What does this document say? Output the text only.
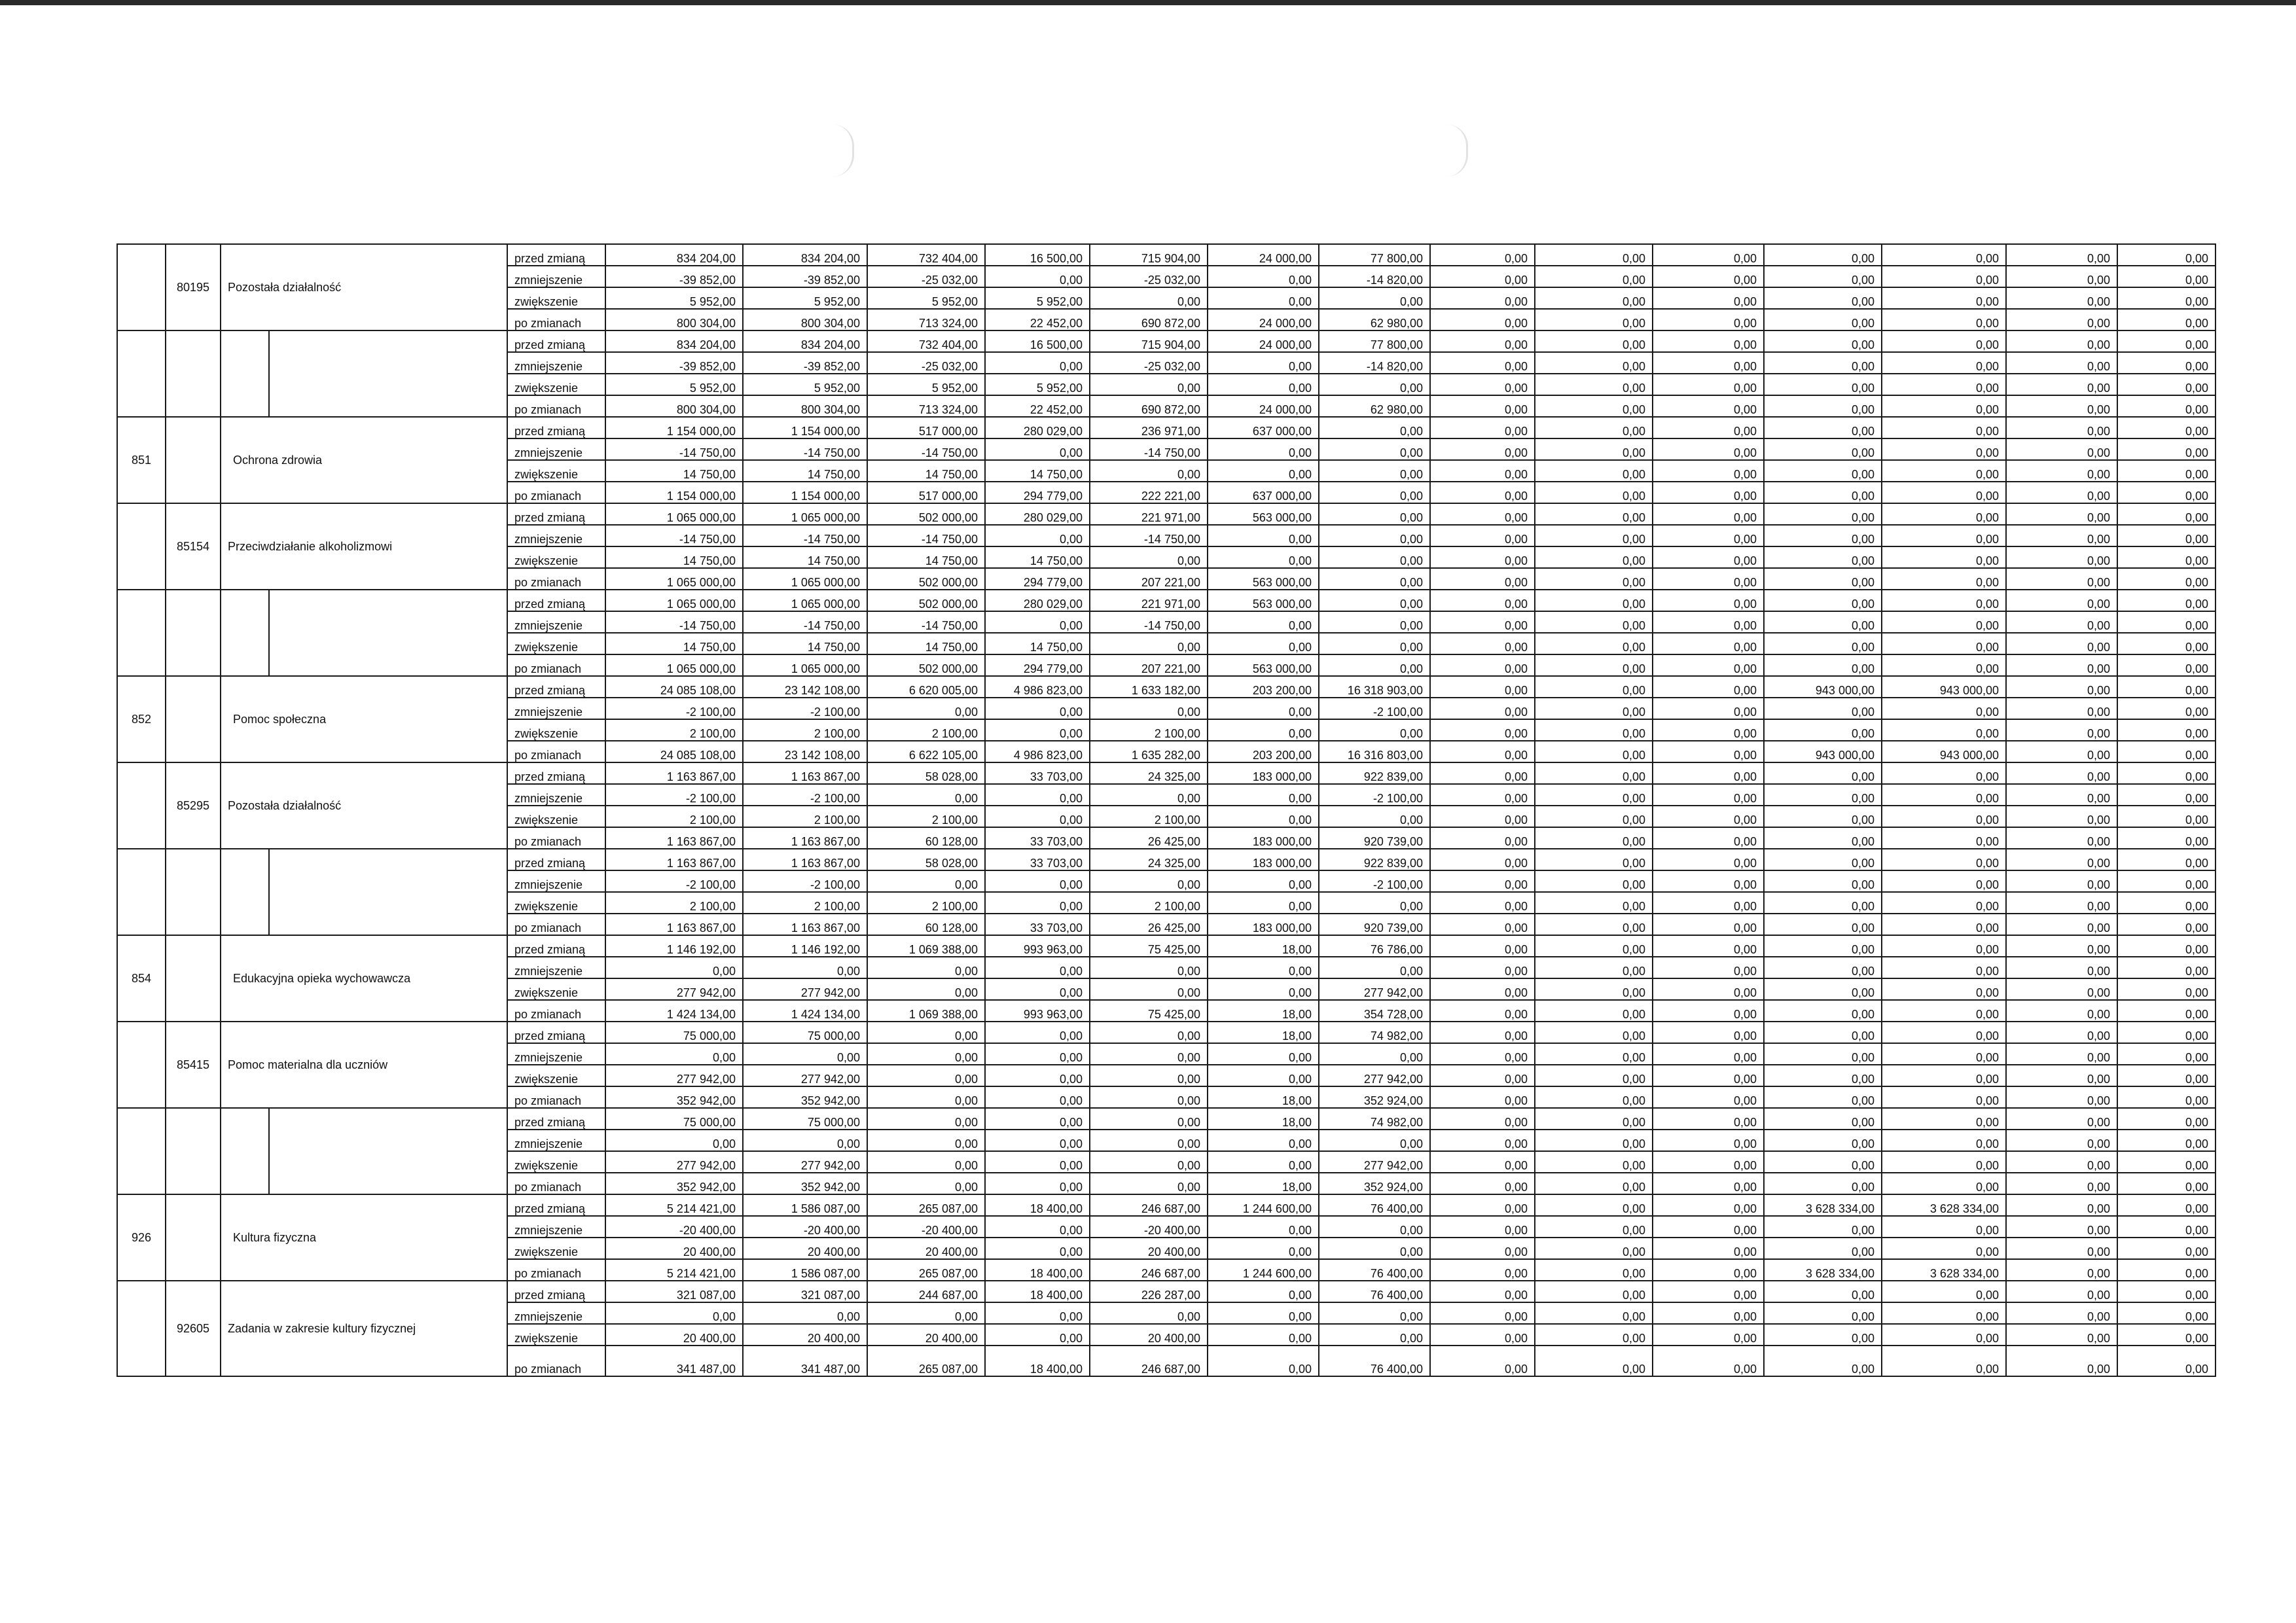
	80195	Pozostała działalność		przed zmianą	834 204,00	834 204,00	732 404,00	16 500,00	715 904,00	24 000,00	77 800,00	0,00	0,00	0,00	0,00	0,00	0,00	0,00
				zmniejszenie	-39 852,00	-39 852,00	-25 032,00	0,00	-25 032,00	0,00	-14 820,00	0,00	0,00	0,00	0,00	0,00	0,00	0,00
				zwiększenie	5 952,00	5 952,00	5 952,00	5 952,00	0,00	0,00	0,00	0,00	0,00	0,00	0,00	0,00	0,00	0,00
				po zmianach	800 304,00	800 304,00	713 324,00	22 452,00	690 872,00	24 000,00	62 980,00	0,00	0,00	0,00	0,00	0,00	0,00	0,00
				przed zmianą	834 204,00	834 204,00	732 404,00	16 500,00	715 904,00	24 000,00	77 800,00	0,00	0,00	0,00	0,00	0,00	0,00	0,00
				zmniejszenie	-39 852,00	-39 852,00	-25 032,00	0,00	-25 032,00	0,00	-14 820,00	0,00	0,00	0,00	0,00	0,00	0,00	0,00
				zwiększenie	5 952,00	5 952,00	5 952,00	5 952,00	0,00	0,00	0,00	0,00	0,00	0,00	0,00	0,00	0,00	0,00
				po zmianach	800 304,00	800 304,00	713 324,00	22 452,00	690 872,00	24 000,00	62 980,00	0,00	0,00	0,00	0,00	0,00	0,00	0,00
851		Ochrona zdrowia		przed zmianą	1 154 000,00	1 154 000,00	517 000,00	280 029,00	236 971,00	637 000,00	0,00	0,00	0,00	0,00	0,00	0,00	0,00	0,00
				zmniejszenie	-14 750,00	-14 750,00	-14 750,00	0,00	-14 750,00	0,00	0,00	0,00	0,00	0,00	0,00	0,00	0,00	0,00
				zwiększenie	14 750,00	14 750,00	14 750,00	14 750,00	0,00	0,00	0,00	0,00	0,00	0,00	0,00	0,00	0,00	0,00
				po zmianach	1 154 000,00	1 154 000,00	517 000,00	294 779,00	222 221,00	637 000,00	0,00	0,00	0,00	0,00	0,00	0,00	0,00	0,00
	85154	Przeciwdziałanie alkoholizmowi		przed zmianą	1 065 000,00	1 065 000,00	502 000,00	280 029,00	221 971,00	563 000,00	0,00	0,00	0,00	0,00	0,00	0,00	0,00	0,00
				zmniejszenie	-14 750,00	-14 750,00	-14 750,00	0,00	-14 750,00	0,00	0,00	0,00	0,00	0,00	0,00	0,00	0,00	0,00
				zwiększenie	14 750,00	14 750,00	14 750,00	14 750,00	0,00	0,00	0,00	0,00	0,00	0,00	0,00	0,00	0,00	0,00
				po zmianach	1 065 000,00	1 065 000,00	502 000,00	294 779,00	207 221,00	563 000,00	0,00	0,00	0,00	0,00	0,00	0,00	0,00	0,00
				przed zmianą	1 065 000,00	1 065 000,00	502 000,00	280 029,00	221 971,00	563 000,00	0,00	0,00	0,00	0,00	0,00	0,00	0,00	0,00
				zmniejszenie	-14 750,00	-14 750,00	-14 750,00	0,00	-14 750,00	0,00	0,00	0,00	0,00	0,00	0,00	0,00	0,00	0,00
				zwiększenie	14 750,00	14 750,00	14 750,00	14 750,00	0,00	0,00	0,00	0,00	0,00	0,00	0,00	0,00	0,00	0,00
				po zmianach	1 065 000,00	1 065 000,00	502 000,00	294 779,00	207 221,00	563 000,00	0,00	0,00	0,00	0,00	0,00	0,00	0,00	0,00
852		Pomoc społeczna		przed zmianą	24 085 108,00	23 142 108,00	6 620 005,00	4 986 823,00	1 633 182,00	203 200,00	16 318 903,00	0,00	0,00	0,00	943 000,00	943 000,00	0,00	0,00
				zmniejszenie	-2 100,00	-2 100,00	0,00	0,00	0,00	0,00	-2 100,00	0,00	0,00	0,00	0,00	0,00	0,00	0,00
				zwiększenie	2 100,00	2 100,00	2 100,00	0,00	2 100,00	0,00	0,00	0,00	0,00	0,00	0,00	0,00	0,00	0,00
				po zmianach	24 085 108,00	23 142 108,00	6 622 105,00	4 986 823,00	1 635 282,00	203 200,00	16 316 803,00	0,00	0,00	0,00	943 000,00	943 000,00	0,00	0,00
	85295	Pozostała działalność		przed zmianą	1 163 867,00	1 163 867,00	58 028,00	33 703,00	24 325,00	183 000,00	922 839,00	0,00	0,00	0,00	0,00	0,00	0,00	0,00
				zmniejszenie	-2 100,00	-2 100,00	0,00	0,00	0,00	0,00	-2 100,00	0,00	0,00	0,00	0,00	0,00	0,00	0,00
				zwiększenie	2 100,00	2 100,00	2 100,00	0,00	2 100,00	0,00	0,00	0,00	0,00	0,00	0,00	0,00	0,00	0,00
				po zmianach	1 163 867,00	1 163 867,00	60 128,00	33 703,00	26 425,00	183 000,00	920 739,00	0,00	0,00	0,00	0,00	0,00	0,00	0,00
				przed zmianą	1 163 867,00	1 163 867,00	58 028,00	33 703,00	24 325,00	183 000,00	922 839,00	0,00	0,00	0,00	0,00	0,00	0,00	0,00
				zmniejszenie	-2 100,00	-2 100,00	0,00	0,00	0,00	0,00	-2 100,00	0,00	0,00	0,00	0,00	0,00	0,00	0,00
				zwiększenie	2 100,00	2 100,00	2 100,00	0,00	2 100,00	0,00	0,00	0,00	0,00	0,00	0,00	0,00	0,00	0,00
				po zmianach	1 163 867,00	1 163 867,00	60 128,00	33 703,00	26 425,00	183 000,00	920 739,00	0,00	0,00	0,00	0,00	0,00	0,00	0,00
854		Edukacyjna opieka wychowawcza		przed zmianą	1 146 192,00	1 146 192,00	1 069 388,00	993 963,00	75 425,00	18,00	76 786,00	0,00	0,00	0,00	0,00	0,00	0,00	0,00
				zmniejszenie	0,00	0,00	0,00	0,00	0,00	0,00	0,00	0,00	0,00	0,00	0,00	0,00	0,00	0,00
				zwiększenie	277 942,00	277 942,00	0,00	0,00	0,00	0,00	277 942,00	0,00	0,00	0,00	0,00	0,00	0,00	0,00
				po zmianach	1 424 134,00	1 424 134,00	1 069 388,00	993 963,00	75 425,00	18,00	354 728,00	0,00	0,00	0,00	0,00	0,00	0,00	0,00
	85415	Pomoc materialna dla uczniów		przed zmianą	75 000,00	75 000,00	0,00	0,00	0,00	18,00	74 982,00	0,00	0,00	0,00	0,00	0,00	0,00	0,00
				zmniejszenie	0,00	0,00	0,00	0,00	0,00	0,00	0,00	0,00	0,00	0,00	0,00	0,00	0,00	0,00
				zwiększenie	277 942,00	277 942,00	0,00	0,00	0,00	0,00	277 942,00	0,00	0,00	0,00	0,00	0,00	0,00	0,00
				po zmianach	352 942,00	352 942,00	0,00	0,00	0,00	18,00	352 924,00	0,00	0,00	0,00	0,00	0,00	0,00	0,00
				przed zmianą	75 000,00	75 000,00	0,00	0,00	0,00	18,00	74 982,00	0,00	0,00	0,00	0,00	0,00	0,00	0,00
				zmniejszenie	0,00	0,00	0,00	0,00	0,00	0,00	0,00	0,00	0,00	0,00	0,00	0,00	0,00	0,00
				zwiększenie	277 942,00	277 942,00	0,00	0,00	0,00	0,00	277 942,00	0,00	0,00	0,00	0,00	0,00	0,00	0,00
				po zmianach	352 942,00	352 942,00	0,00	0,00	0,00	18,00	352 924,00	0,00	0,00	0,00	0,00	0,00	0,00	0,00
926		Kultura fizyczna		przed zmianą	5 214 421,00	1 586 087,00	265 087,00	18 400,00	246 687,00	1 244 600,00	76 400,00	0,00	0,00	0,00	3 628 334,00	3 628 334,00	0,00	0,00
				zmniejszenie	-20 400,00	-20 400,00	-20 400,00	0,00	-20 400,00	0,00	0,00	0,00	0,00	0,00	0,00	0,00	0,00	0,00
				zwiększenie	20 400,00	20 400,00	20 400,00	0,00	20 400,00	0,00	0,00	0,00	0,00	0,00	0,00	0,00	0,00	0,00
				po zmianach	5 214 421,00	1 586 087,00	265 087,00	18 400,00	246 687,00	1 244 600,00	76 400,00	0,00	0,00	0,00	3 628 334,00	3 628 334,00	0,00	0,00
	92605	Zadania w zakresie kultury fizycznej		przed zmianą	321 087,00	321 087,00	244 687,00	18 400,00	226 287,00	0,00	76 400,00	0,00	0,00	0,00	0,00	0,00	0,00	0,00
				zmniejszenie	0,00	0,00	0,00	0,00	0,00	0,00	0,00	0,00	0,00	0,00	0,00	0,00	0,00	0,00
				zwiększenie	20 400,00	20 400,00	20 400,00	0,00	20 400,00	0,00	0,00	0,00	0,00	0,00	0,00	0,00	0,00	0,00
				po zmianach	341 487,00	341 487,00	265 087,00	18 400,00	246 687,00	0,00	76 400,00	0,00	0,00	0,00	0,00	0,00	0,00	0,00
